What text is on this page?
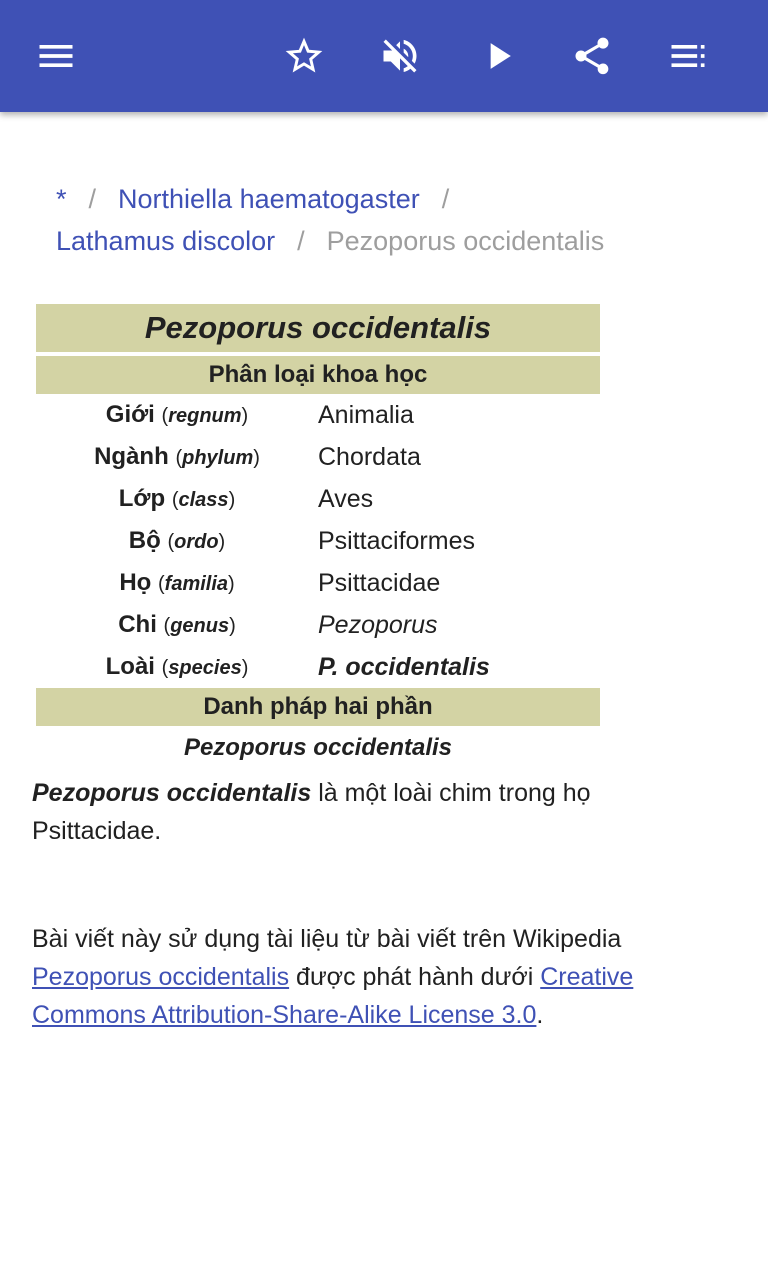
* / Northiella haematogaster /
Lathamus discolor / Pezoporus occidentalis
Pezoporus occidentalis
Phân loại khoa học
Giới (regnum)	Animalia
Ngành (phylum)	Chordata
Lớp (class)	Aves
Bộ (ordo)	Psittaciformes
Họ (familia)	Psittacidae
Chi (genus)	Pezoporus
Loài (species)	P. occidentalis
Danh pháp hai phần
Pezoporus occidentalis
Pezoporus occidentalis là một loài chim trong họ Psittacidae.
Bài viết này sử dụng tài liệu từ bài viết trên Wikipedia Pezoporus occidentalis được phát hành dưới Creative Commons Attribution-Share-Alike License 3.0.
